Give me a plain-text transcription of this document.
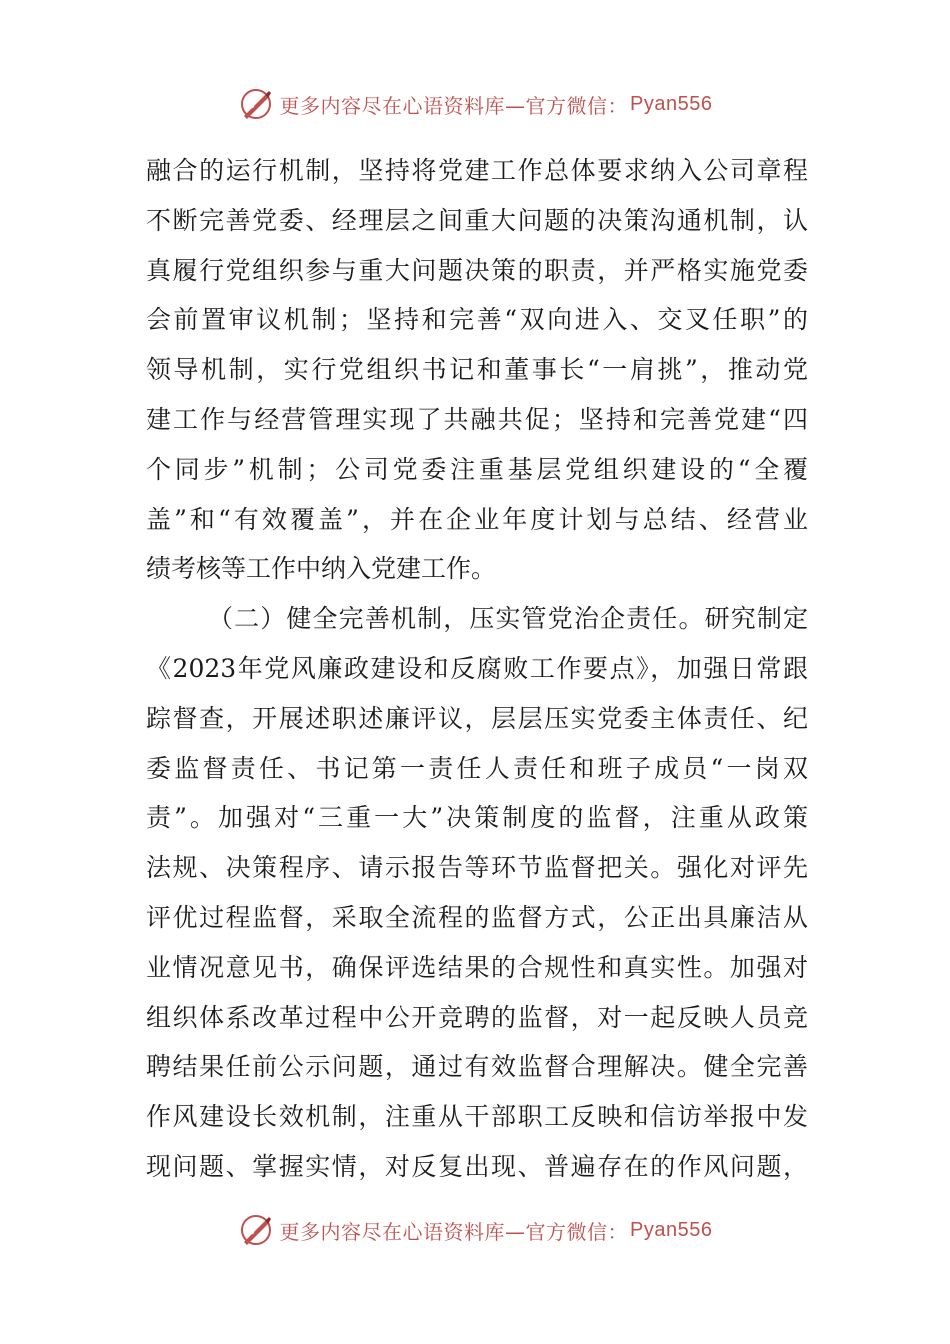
更多内容尽在心语资料库—官方微信： Pyan556
融合的运行机制，坚持将党建工作总体要求纳入公司章程
不断完善党委、经理层之间重大问题的决策沟通机制，认
真履行党组织参与重大问题决策的职责，并严格实施党委
会前置审议机制；坚持和完善“双向进入、交叉任职”的
领导机制，实行党组织书记和董事长“一肩挑”，推动党
建工作与经营管理实现了共融共促；坚持和完善党建“四
个同步”机制；公司党委注重基层党组织建设的“全覆
盖”和“有效覆盖”，并在企业年度计划与总结、经营业
绩考核等工作中纳入党建工作。
（二）健全完善机制，压实管党治企责任。研究制定
《2023年党风廉政建设和反腐败工作要点》，加强日常跟
踪督查，开展述职述廉评议，层层压实党委主体责任、纪
委监督责任、书记第一责任人责任和班子成员“一岗双
责”。加强对“三重一大”决策制度的监督，注重从政策
法规、决策程序、请示报告等环节监督把关。强化对评先
评优过程监督，采取全流程的监督方式，公正出具廉洁从
业情况意见书，确保评选结果的合规性和真实性。加强对
组织体系改革过程中公开竞聘的监督，对一起反映人员竞
聘结果任前公示问题，通过有效监督合理解决。健全完善
作风建设长效机制，注重从干部职工反映和信访举报中发
现问题、掌握实情，对反复出现、普遍存在的作风问题，
更多内容尽在心语资料库—官方微信： Pyan556
